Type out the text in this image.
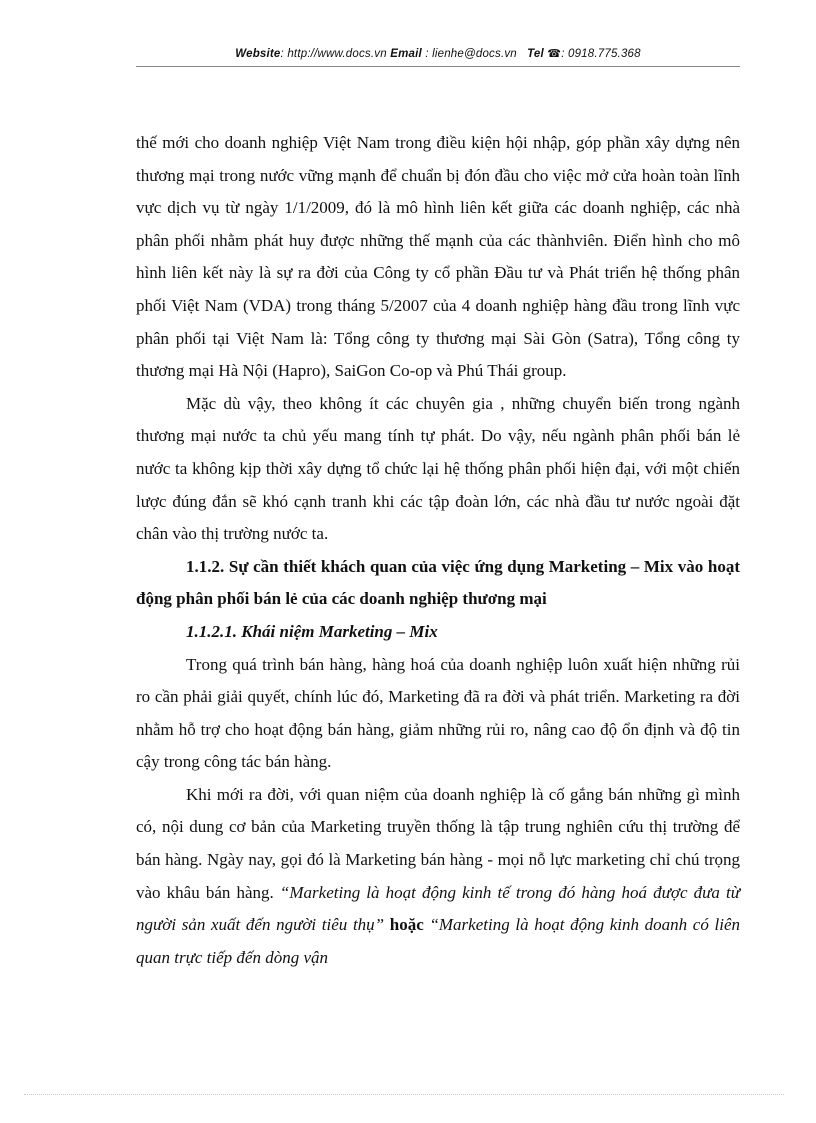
Website: http://www.docs.vn Email : lienhe@docs.vn Tel ☎: 0918.775.368

thế mới cho doanh nghiệp Việt Nam trong điều kiện hội nhập, góp phần xây dựng nên thương mại trong nước vững mạnh để chuẩn bị đón đầu cho việc mở cửa hoàn toàn lĩnh vực dịch vụ từ ngày 1/1/2009, đó là mô hình liên kết giữa các doanh nghiệp, các nhà phân phối nhằm phát huy được những thế mạnh của các thànhviên. Điển hình cho mô hình liên kết này là sự ra đời của Công ty cổ phần Đầu tư và Phát triển hệ thống phân phối Việt Nam (VDA) trong tháng 5/2007 của 4 doanh nghiệp hàng đầu trong lĩnh vực phân phối tại Việt Nam là: Tổng công ty thương mại Sài Gòn (Satra), Tổng công ty thương mại Hà Nội (Hapro), SaiGon Co-op và Phú Thái group.

Mặc dù vậy, theo không ít các chuyên gia , những chuyển biến trong ngành thương mại nước ta chủ yếu mang tính tự phát. Do vậy, nếu ngành phân phối bán lẻ nước ta không kịp thời xây dựng tổ chức lại hệ thống phân phối hiện đại, với một chiến lược đúng đắn sẽ khó cạnh tranh khi các tập đoàn lớn, các nhà đầu tư nước ngoài đặt chân vào thị trường nước ta.

1.1.2. Sự cần thiết khách quan của việc ứng dụng Marketing – Mix vào hoạt động phân phối bán lẻ của các doanh nghiệp thương mại

1.1.2.1. Khái niệm Marketing – Mix

Trong quá trình bán hàng, hàng hoá của doanh nghiệp luôn xuất hiện những rủi ro cần phải giải quyết, chính lúc đó, Marketing đã ra đời và phát triển. Marketing ra đời nhằm hỗ trợ cho hoạt động bán hàng, giảm những rủi ro, nâng cao độ ổn định và độ tin cậy trong công tác bán hàng.

Khi mới ra đời, với quan niệm của doanh nghiệp là cố gắng bán những gì mình có, nội dung cơ bản của Marketing truyền thống là tập trung nghiên cứu thị trường để bán hàng. Ngày nay, gọi đó là Marketing bán hàng - mọi nỗ lực marketing chỉ chú trọng vào khâu bán hàng. “Marketing là hoạt động kinh tế trong đó hàng hoá được đưa từ người sản xuất đến người tiêu thụ” hoặc “Marketing là hoạt động kinh doanh có liên quan trực tiếp đến dòng vận
